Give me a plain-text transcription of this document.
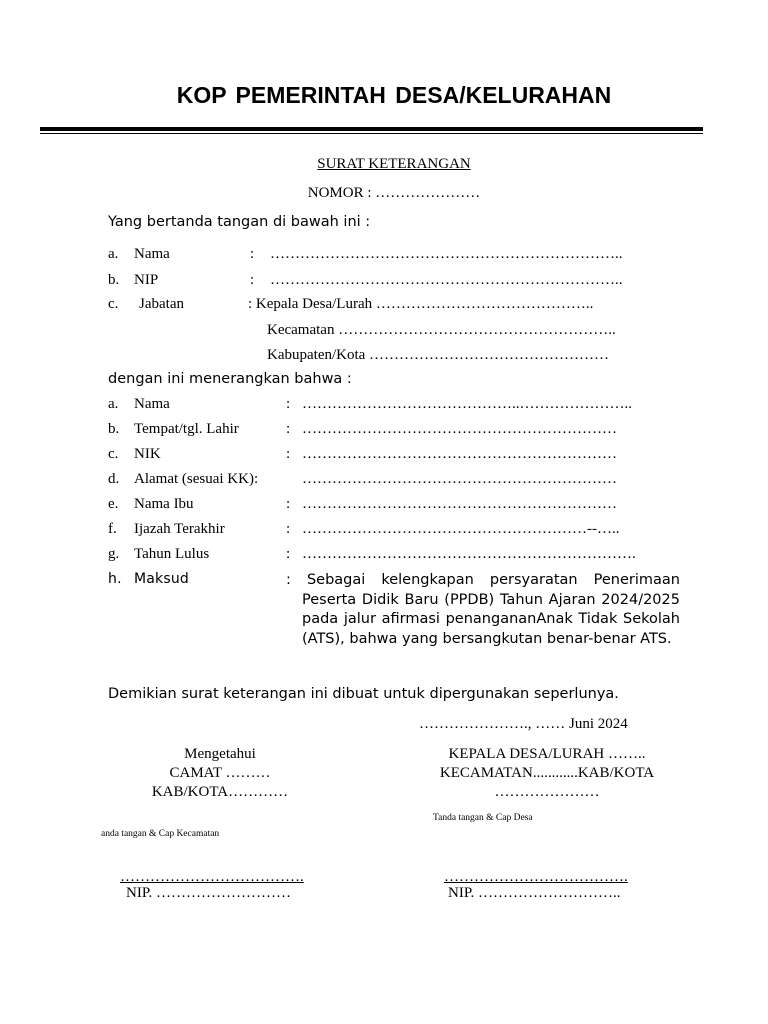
KOP PEMERINTAH DESA/KELURAHAN
SURAT KETERANGAN
NOMOR : …………………
Yang bertanda tangan di bawah ini :
a. Nama	: ……………………………………………………………..
b. NIP	: ……………………………………………………………..
c. Jabatan	: Kepala Desa/Lurah ……………………………………..
Kecamatan ………………………………………………..
Kabupaten/Kota …………………………………………
dengan ini menerangkan bahwa :
a. Nama	: ……………………………………..…………………..
b. Tempat/tgl. Lahir	: ………………………………………………………
c. NIK	: ………………………………………………………
d. Alamat (sesuai KK):	………………………………………………………
e. Nama Ibu	: ………………………………………………………
f. Ijazah Terakhir	: …………………………………………………--…..
g. Tahun Lulus	: ………………………………………………………….
h. Maksud	: Sebagai kelengkapan persyaratan Penerimaan Peserta Didik Baru (PPDB) Tahun Ajaran 2024/2025 pada jalur afirmasi penangananAnak Tidak Sekolah (ATS), bahwa yang bersangkutan benar-benar ATS.
Demikian surat keterangan ini dibuat untuk dipergunakan seperlunya.
…………………., …… Juni 2024
Mengetahui
CAMAT ………
KAB/KOTA…………
anda tangan & Cap Kecamatan
……………………………….
NIP. ………………………
KEPALA DESA/LURAH ……..
KECAMATAN............KAB/KOTA
…………………
Tanda tangan & Cap Desa
……………………………….
NIP. ………………………..
